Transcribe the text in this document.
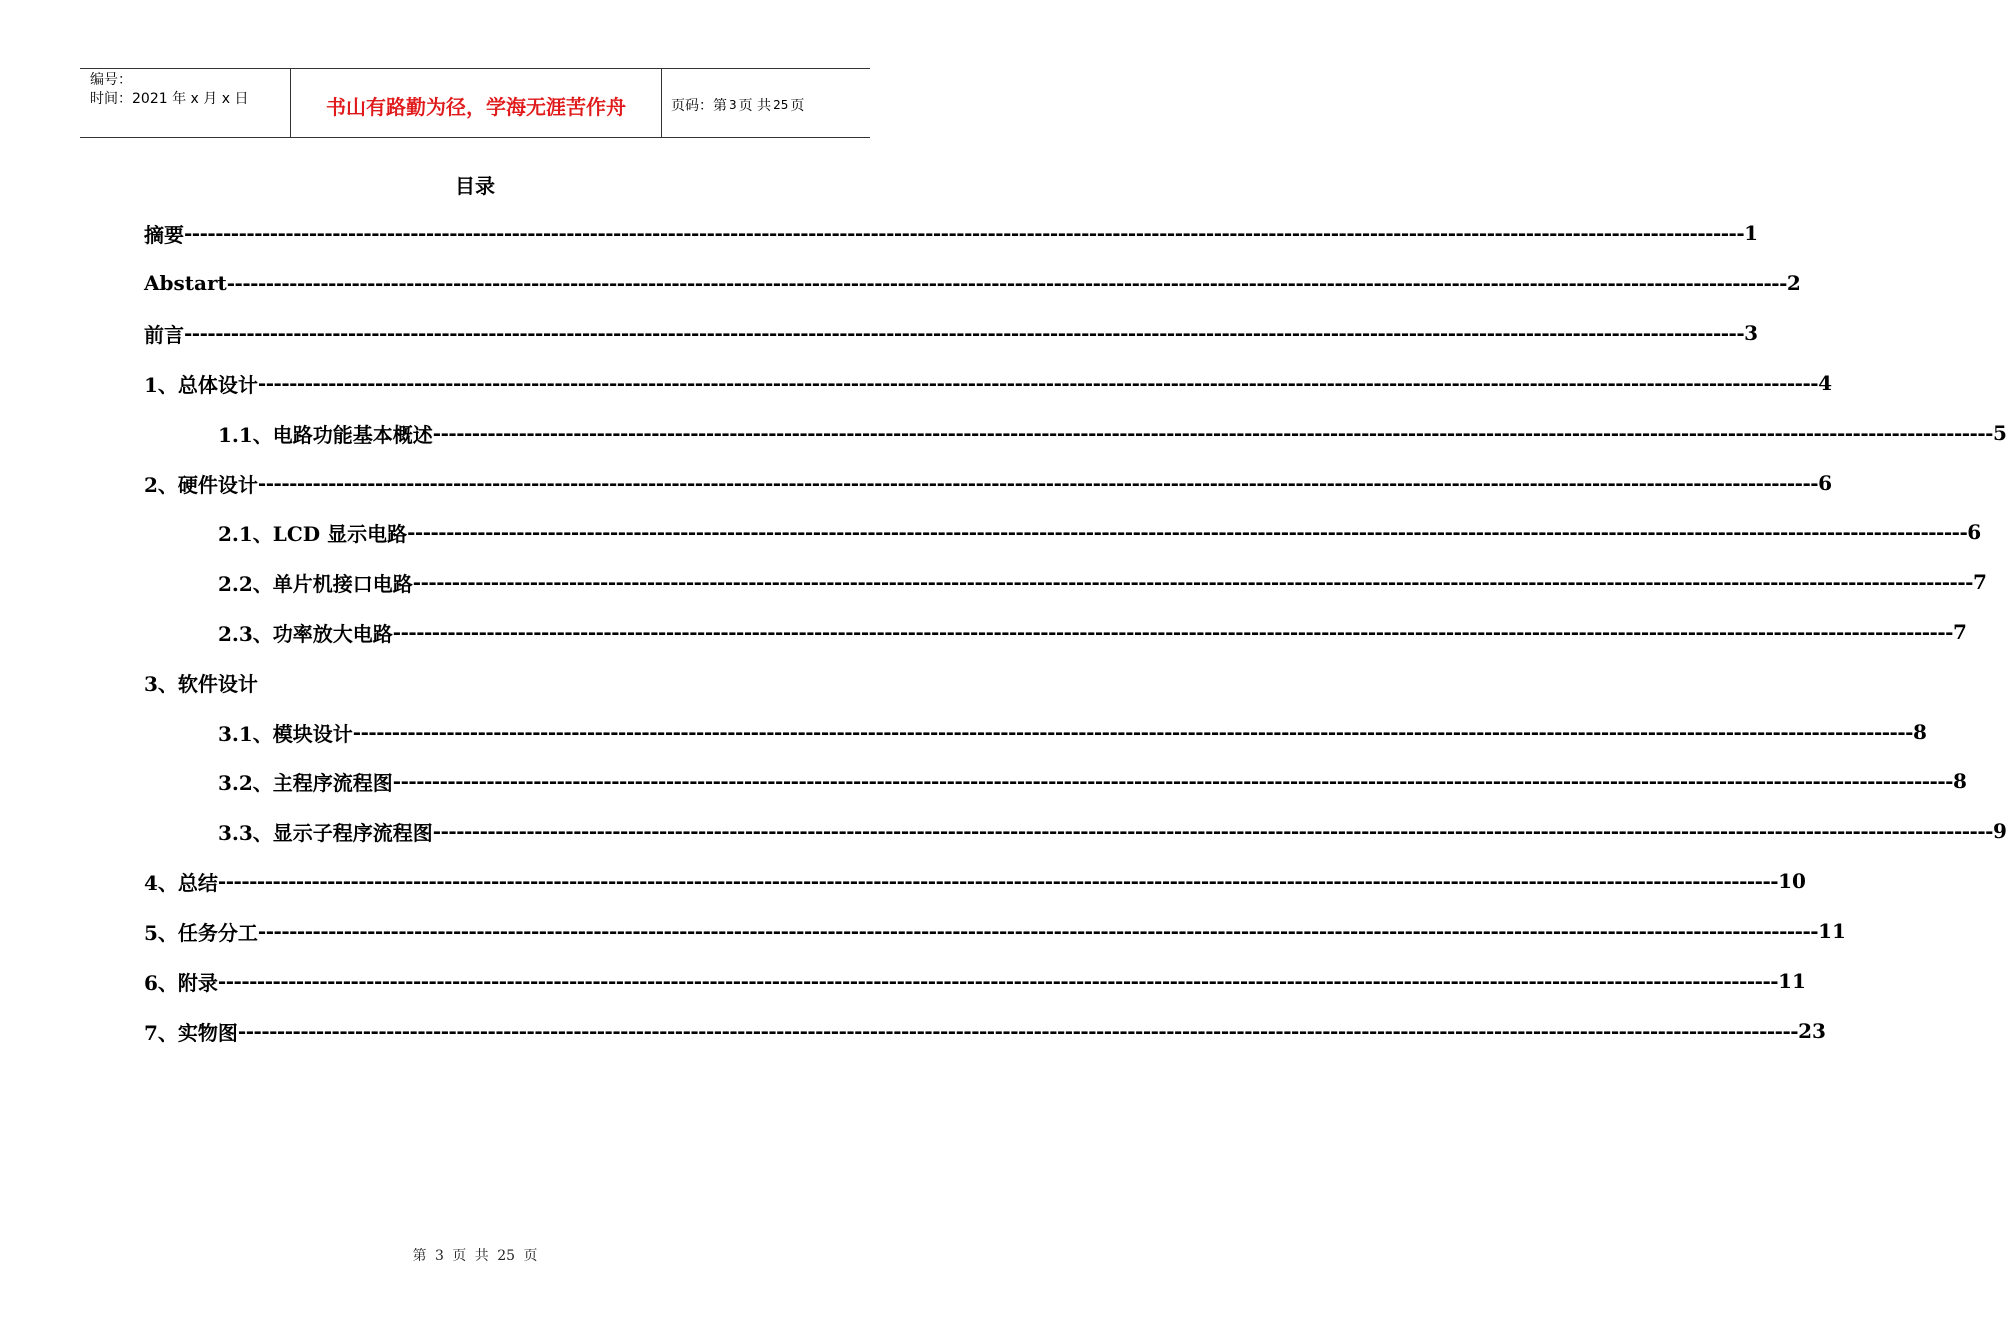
编号：
时间：2021 年 x 月 x 日	书山有路勤为径，学海无涯苦作舟	页码：第 3 页 共 25 页
目录
摘要 -------------------------------------------------------------------------------------------------------------------------------------------------------------------------------------------------------- 1
Abstart -------------------------------------------------------------------------------------------------------------------------------------------------------------------------------------------------------- 2
前言 -------------------------------------------------------------------------------------------------------------------------------------------------------------------------------------------------------- 3
1、总体设计 -------------------------------------------------------------------------------------------------------------------------------------------------------------------------------------------------------- 4
1.1、电路功能基本概述 -------------------------------------------------------------------------------------------------------------------------------------------------------------------------------------------------------- 5
2、硬件设计 -------------------------------------------------------------------------------------------------------------------------------------------------------------------------------------------------------- 6
2.1、LCD 显示电路 -------------------------------------------------------------------------------------------------------------------------------------------------------------------------------------------------------- 6
2.2、单片机接口电路 -------------------------------------------------------------------------------------------------------------------------------------------------------------------------------------------------------- 7
2.3、功率放大电路 -------------------------------------------------------------------------------------------------------------------------------------------------------------------------------------------------------- 7
3、软件设计
3.1、模块设计 -------------------------------------------------------------------------------------------------------------------------------------------------------------------------------------------------------- 8
3.2、主程序流程图 -------------------------------------------------------------------------------------------------------------------------------------------------------------------------------------------------------- 8
3.3、显示子程序流程图 -------------------------------------------------------------------------------------------------------------------------------------------------------------------------------------------------------- 9
4、总结 -------------------------------------------------------------------------------------------------------------------------------------------------------------------------------------------------------- 10
5、任务分工 -------------------------------------------------------------------------------------------------------------------------------------------------------------------------------------------------------- 11
6、附录 -------------------------------------------------------------------------------------------------------------------------------------------------------------------------------------------------------- 11
7、实物图 -------------------------------------------------------------------------------------------------------------------------------------------------------------------------------------------------------- 23
第 3 页 共 25 页
